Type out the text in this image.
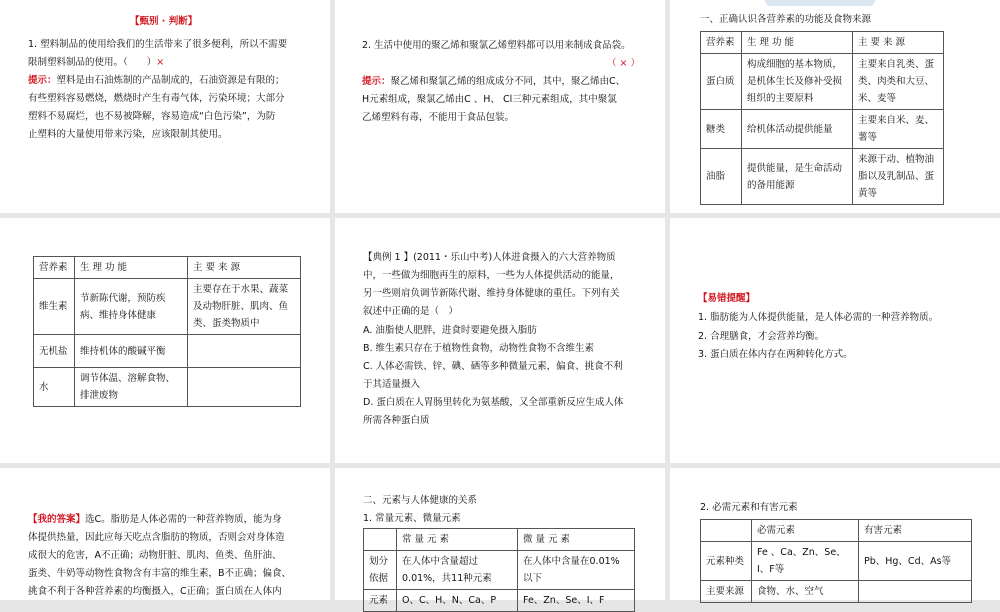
【甄别 · 判断】
1. 塑料制品的使用给我们的生活带来了很多便利，所以不需要
限制塑料制品的使用。（　　）×
提示：塑料是由石油炼制的产品制成的，石油资源是有限的；
有些塑料容易燃烧，燃烧时产生有毒气体，污染环境；大部分
塑料不易腐烂，也不易被降解，容易造成“白色污染”，为防
止塑料的大量使用带来污染，应该限制其使用。
2. 生活中使用的聚乙烯和聚氯乙烯塑料都可以用来制成食品袋。
（ × ）
提示：聚乙烯和聚氯乙烯的组成成分不同，其中，聚乙烯由C、
H元素组成，聚氯乙烯由C 、H、 Cl三种元素组成，其中聚氯
乙烯塑料有毒，不能用于食品包装。
一、正确认识各营养素的功能及食物来源
营养素	生 理 功 能	主 要 来 源
蛋白质	构成细胞的基本物质，是机体生长及修补受损组织的主要原料	主要来自乳类、蛋类、肉类和大豆、米、麦等
糖类	给机体活动提供能量	主要来自米、麦、薯等
油脂	提供能量，是生命活动的备用能源	来源于动、植物油脂以及乳制品、蛋黄等
营养素	生 理 功 能	主 要 来 源
维生素	节新陈代谢，预防疾病、维持身体健康	主要存在于水果、蔬菜及动物肝脏、肌肉、鱼类、蛋类物质中
无机盐	维持机体的酸碱平衡	
水	调节体温、溶解食物、排泄废物	
【典例 1 】(2011・乐山中考)人体进食摄入的六大营养物质
中，一些做为细胞再生的原料，一些为人体提供活动的能量，
另一些则肩负调节新陈代谢、维持身体健康的重任。下列有关
叙述中正确的是（　）
A. 油脂使人肥胖，进食时要避免摄入脂肪
B. 维生素只存在于植物性食物，动物性食物不含维生素
C. 人体必需铁、锌、碘、硒等多种微量元素，偏食、挑食不利
于其适量摄入
D. 蛋白质在人胃肠里转化为氨基酸，又全部重新反应生成人体
所需各种蛋白质
【易错提醒】
1. 脂肪能为人体提供能量，是人体必需的一种营养物质。
2. 合理膳食，才会营养均衡。
3. 蛋白质在体内存在两种转化方式。
【我的答案】选C。脂肪是人体必需的一种营养物质，能为身
体提供热量，因此应每天吃点含脂肪的物质，否则会对身体造
成很大的危害，A不正确；动物肝脏、肌肉、鱼类、鱼肝油、
蛋类、牛奶等动物性食物含有丰富的维生素，B不正确；偏食、
挑食不利于各种营养素的均衡摄入，C正确；蛋白质在人体内
二、元素与人体健康的关系
1. 常量元素、微量元素
	常 量 元 素	微 量 元 素
划分依据	在人体中含量超过0.01%，共11种元素	在人体中含量在0.01%以下
元素	O、C、H、N、Ca、P	Fe、Zn、Se、I、F
2. 必需元素和有害元素
	必需元素	有害元素
元素种类	Fe 、Ca、Zn、Se、I、F等	Pb、Hg、Cd、As等
主要来源	食物、水、空气	
